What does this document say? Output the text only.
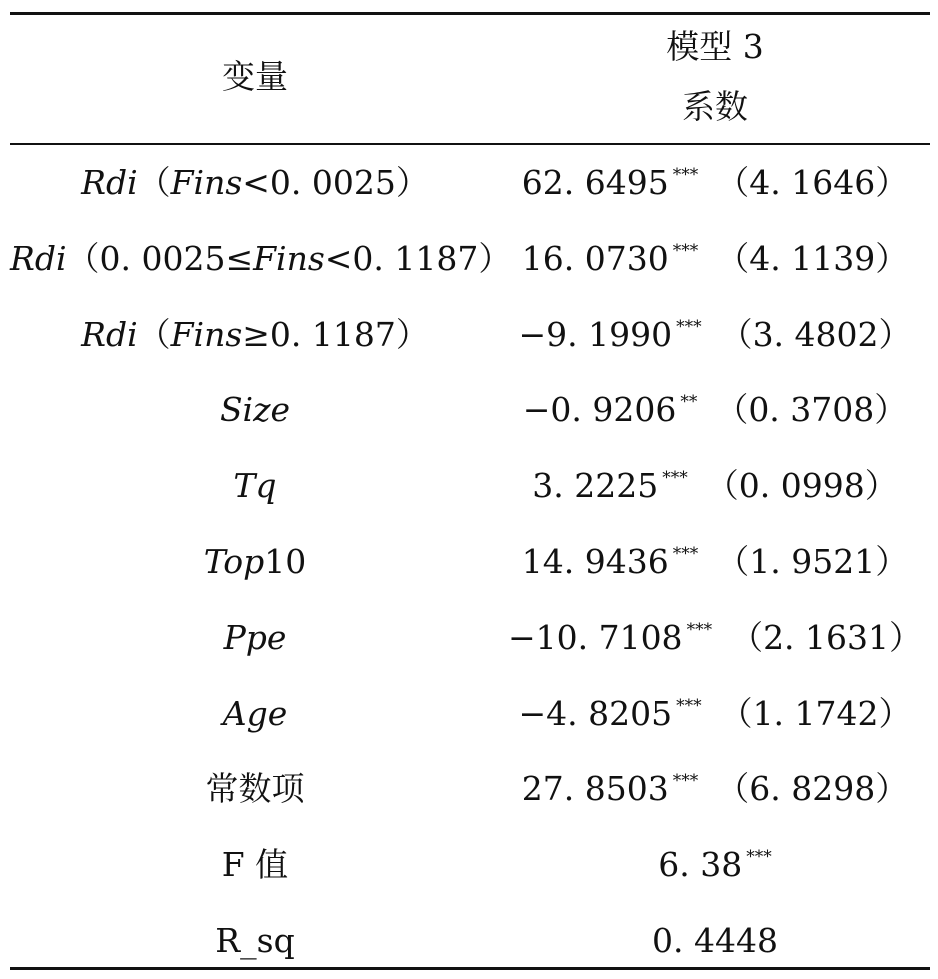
变量
模型 3
系数
Rdi（Fins<0. 0025）	62. 6495 *** （4. 1646）
Rdi（0. 0025≤Fins<0. 1187） 16. 0730 *** （4. 1139）
Rdi（Fins≥0. 1187）	−9. 1990 *** （3. 4802）
Size	−0. 9206 ** （0. 3708）
Tq	3. 2225 *** （0. 0998）
Top10	14. 9436 *** （1. 9521）
Ppe	−10. 7108 *** （2. 1631）
Age	−4. 8205 *** （1. 1742）
常数项	27. 8503 *** （6. 8298）
F 值	6. 38 ***
R_sq	0. 4448
